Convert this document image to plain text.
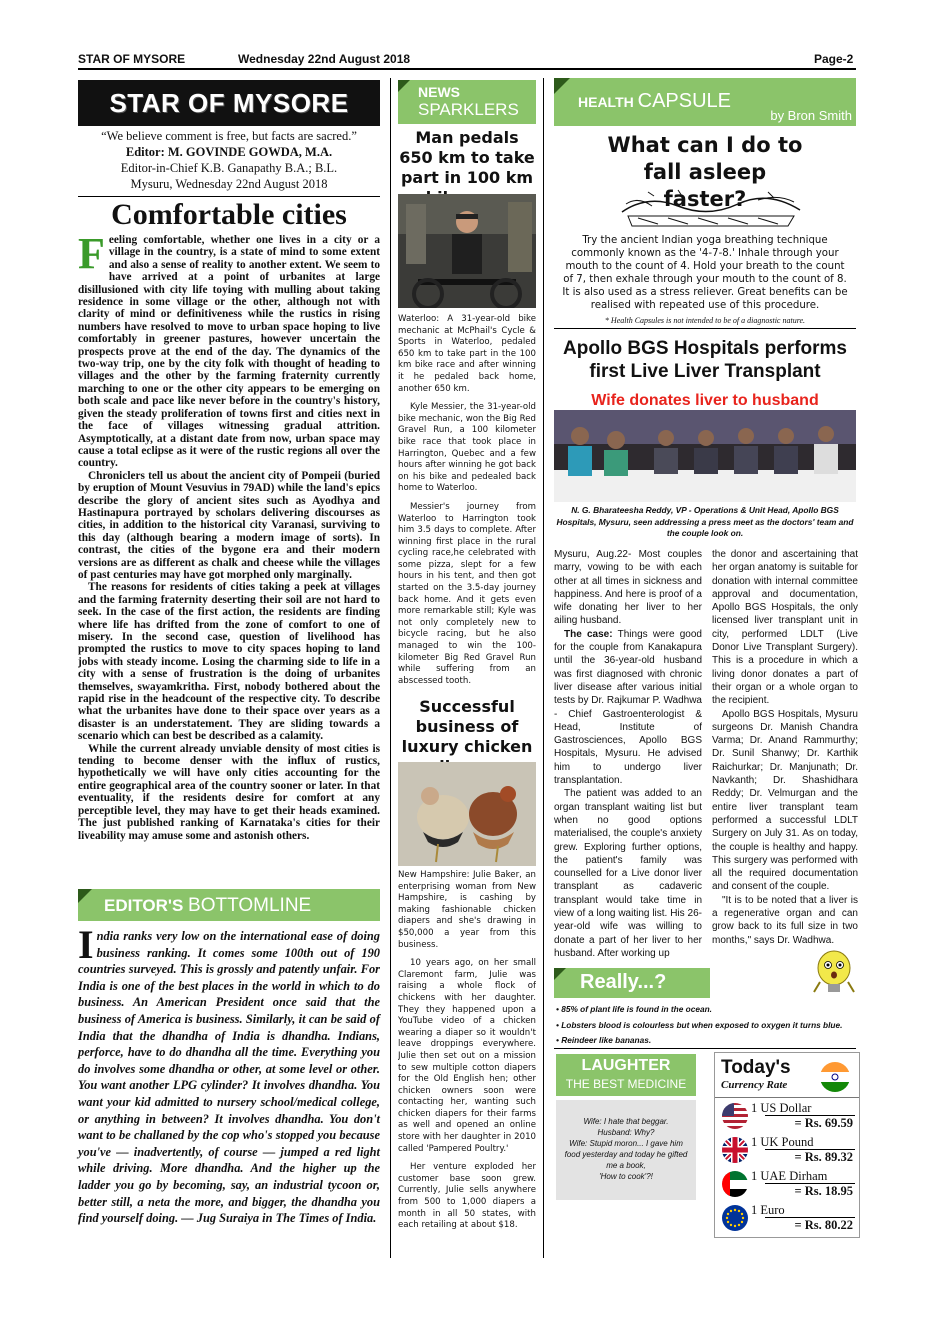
STAR OF MYSORE	Wednesday 22nd August 2018	Page-2
STAR OF MYSORE
“We believe comment is free, but facts are sacred.”
Editor: M. GOVINDE GOWDA, M.A.
Editor-in-Chief K.B. Ganapathy B.A.; B.L.
Mysuru, Wednesday 22nd August 2018
Comfortable cities

Feeling comfortable, whether one lives in a city or a village in the country, is a state of mind to some extent and also a sense of reality to another extent. We seem to have arrived at a point of urbanites at large disillusioned with city life toying with mulling about taking residence in some village or the other, although not with clarity of mind or definitiveness while the rustics in rising numbers have resolved to move to urban space hoping to live comfortably in greener pastures, however uncertain the prospects prove at the end of the day. The dynamics of the two-way trip, one by the city folk with thought of heading to villages and the other by the farming fraternity currently marching to one or the other city appears to be emerging on both scale and pace like never before in the country's history, given the steady proliferation of towns first and cities next in the face of villages witnessing gradual attrition. Asymptotically, at a distant date from now, urban space may cause a total eclipse as it were of the rustic regions all over the country.

Chroniclers tell us about the ancient city of Pompeii (buried by eruption of Mount Vesuvius in 79AD) while the land's epics describe the glory of ancient sites such as Ayodhya and Hastinapura portrayed by scholars delivering discourses as cities, in addition to the historical city Varanasi, surviving to this day (although bearing a modern image of sorts). In contrast, the cities of the bygone era and their modern versions are as different as chalk and cheese while the villages of past centuries may have got morphed only marginally.

The reasons for residents of cities taking a peek at villages and the farming fraternity deserting their soil are not hard to seek. In the case of the first action, the residents are finding where life has drifted from the zone of comfort to one of misery. In the second case, question of livelihood has prompted the rustics to move to city spaces hoping to land jobs with steady income. Losing the charming side to life in a city with a sense of frustration is the doing of urbanites themselves, swayamkritha. First, nobody bothered about the rapid rise in the headcount of the respective city. To describe what the urbanites have done to their space over years as a disaster is an understatement. They are sliding towards a scenario which can best be described as a calamity.

While the current already unviable density of most cities is tending to become denser with the influx of rustics, hypothetically we will have only cities accounting for the entire geographical area of the country sooner or later. In that eventuality, if the residents desire for comfort at any perceptible level, they may have to get their heads examined. The just published ranking of Karnataka's cities for their liveability may amuse some and astonish others.

EDITOR'S BOTTOMLINE
India ranks very low on the international ease of doing business ranking. It comes some 100th out of 190 countries surveyed. This is grossly and patently unfair. For India is one of the best places in the world in which to do business. An American President once said that the business of America is business. Similarly, it can be said of India that the dhandha of India is dhandha. Indians, perforce, have to do dhandha all the time. Everything you do involves some dhandha or other, at some level or other. You want another LPG cylinder? It involves dhandha. You want your kid admitted to nursery school/medical college, or anything in between? It involves dhandha. You don't want to be challaned by the cop who's stopped you because you've — inadvertently, of course — jumped a red light while driving. More dhandha. And the higher up the ladder you go by becoming, say, an industrial tycoon or, better still, a neta the more, and bigger, the dhandha you find yourself doing. — Jug Suraiya in The Times of India.
NEWS
SPARKLERS
Man pedals 650 km to take part in 100 km

Waterloo: A 31-year-old bike mechanic at McPhail's Cycle & Sports in Waterloo, pedaled 650 km to take part in the 100 km bike race and after winning it he pedaled back home, another 650 km.

Kyle Messier, the 31-year-old bike mechanic, won the Big Red Gravel Run, a 100 kilometer bike race that took place in Harrington, Quebec and a few hours after winning he got back on his bike and pedealed back home to Waterloo.

Messier's journey from Waterloo to Harrington took him 3.5 days to complete. After winning first place in the rural cycling race,he celebrated with some pizza, slept for a few hours in his tent, and then got started on the 3.5-day journey back home. And it gets even more remarkable still; Kyle was not only completely new to bicycle racing, but he also managed to win the 100-kilometer Big Red Gravel Run while suffering from an abscessed tooth.

Successful business of luxury chicken

New Hampshire: Julie Baker, an enterprising woman from New Hampshire, is cashing by making fashionable chicken diapers and she's drawing in $50,000 a year from this business.

10 years ago, on her small Claremont farm, Julie was raising a whole flock of chickens with her daughter. They they happened upon a YouTube video of a chicken wearing a diaper so it wouldn't leave droppings everywhere. Julie then set out on a mission to sew multiple cotton diapers for the Old English hen; other chicken owners soon were contacting her, wanting such chicken diapers for their farms as well and opened an online store with her daughter in 2010 called 'Pampered Poultry.'

Her venture exploded her customer base soon grew. Currently, Julie sells anywhere from 500 to 1,000 diapers a month in all 50 states, with each retailing at about $18.

HEALTH CAPSULE
by Bron Smith
What can I do to fall asleep faster?
Try the ancient Indian yoga breathing technique commonly known as the '4-7-8.' Inhale through your mouth to the count of 4. Hold your breath to the count of 7, then exhale through your mouth to the count of 8. It is also used as a stress reliever. Great benefits can be realised with repeated use of this procedure.
* Health Capsules is not intended to be of a diagnostic nature.
Apollo BGS Hospitals performs first Live Liver Transplant
Wife donates liver to husband
N. G. Bharateesha Reddy, VP - Operations & Unit Head, Apollo BGS Hospitals, Mysuru, seen addressing a press meet as the doctors' team and the couple look on.

Mysuru, Aug.22- Most couples marry, vowing to be with each other at all times in sickness and happiness. And here is proof of a wife donating her liver to her ailing husband.

The case: Things were good for the couple from Kanakapura until the 36-year-old husband was first diagnosed with chronic liver disease after various initial tests by Dr. Rajkumar P. Wadhwa - Chief Gastroenterologist & Head, Institute of Gastrosciences, Apollo BGS Hospitals, Mysuru. He advised him to undergo liver transplantation.

The patient was added to an organ transplant waiting list but when no good options materialised, the couple's anxiety grew. Exploring further options, the patient's family was counselled for a Live donor liver transplant as cadaveric transplant would take time in view of a long waiting list. His 26-year-old wife was willing to donate a part of her liver to her husband. After working up

the donor and ascertaining that her organ anatomy is suitable for donation with internal committee approval and documentation, Apollo BGS Hospitals, the only licensed liver transplant unit in city, performed LDLT (Live Donor Live Transplant Surgery). This is a procedure in which a living donor donates a part of their organ or a whole organ to the recipient.

Apollo BGS Hospitals, Mysuru surgeons Dr. Manish Chandra Varma; Dr. Anand Rammurthy; Dr. Sunil Shanwy; Dr. Karthik Raichurkar; Dr. Manjunath; Dr. Navkanth; Dr. Shashidhara Reddy; Dr. Velmurgan and the entire liver transplant team performed a successful LDLT Surgery on July 31. As on today, the couple is healthy and happy. This surgery was performed with all the required documentation and consent of the couple.

"It is to be noted that a liver is a regenerative organ and can grow back to its full size in two months," says Dr. Wadhwa.

Really...?
• 85% of plant life is found in the ocean.
• Lobsters blood is colourless but when exposed to oxygen it turns blue.
• Reindeer like bananas.
LAUGHTER
THE BEST MEDICINE
Wife: I hate that beggar.
Husband: Why?
Wife: Stupid moron... I gave him food yesterday and today he gifted me a book,
'How to cook'?!
Today's
Currency Rate
1 US Dollar
= Rs. 69.59
1 UK Pound
= Rs. 89.32
1 UAE Dirham
= Rs. 18.95
1 Euro
= Rs. 80.22
